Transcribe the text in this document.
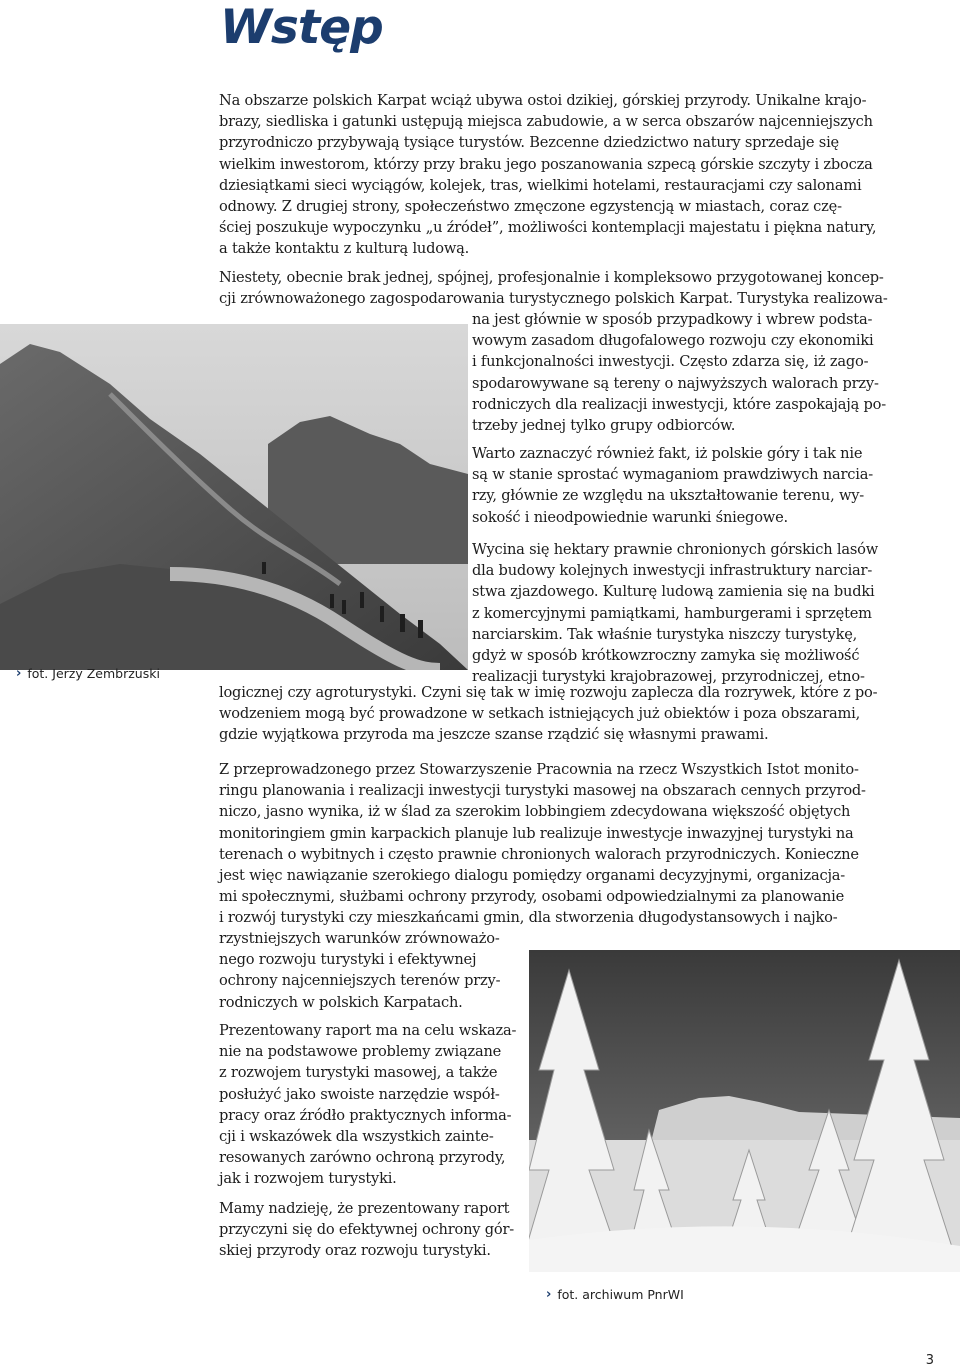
Wstęp

Na obszarze polskich Karpat wciąż ubywa ostoi dzikiej, górskiej przyrody. Unikalne krajo-
brazy, siedliska i gatunki ustępują miejsca zabudowie, a w serca obszarów najcenniejszych
przyrodniczo przybywają tysiące turystów. Bezcenne dziedzictwo natury sprzedaje się
wielkim inwestorom, którzy przy braku jego poszanowania szpecą górskie szczyty i zbocza
dziesiątkami sieci wyciągów, kolejek, tras, wielkimi hotelami, restauracjami czy salonami
odnowy. Z drugiej strony, społeczeństwo zmęczone egzystencją w miastach, coraz czę-
ściej poszukuje wypoczynku „u źródeł”, możliwości kontemplacji majestatu i piękna natury,
a także kontaktu z kulturą ludową.

Niestety, obecnie brak jednej, spójnej, profesjonalnie i kompleksowo przygotowanej koncep-
cji zrównoważonego zagospodarowania turystycznego polskich Karpat. Turystyka realizowa-

na jest głównie w sposób przypadkowy i wbrew podsta-
wowym zasadom długofalowego rozwoju czy ekonomiki
i funkcjonalności inwestycji. Często zdarza się, iż zago-
spodarowywane są tereny o najwyższych walorach przy-
rodniczych dla realizacji inwestycji, które zaspokajają po-
trzeby jednej tylko grupy odbiorców.

Warto zaznaczyć również fakt, iż polskie góry i tak nie
są w stanie sprostać wymaganiom prawdziwych narcia-
rzy, głównie ze względu na ukształtowanie terenu, wy-
sokość i nieodpowiednie warunki śniegowe.

Wycina się hektary prawnie chronionych górskich lasów
dla budowy kolejnych inwestycji infrastruktury narciar-
stwa zjazdowego. Kulturę ludową zamienia się na budki
z komercyjnymi pamiątkami, hamburgerami i sprzętem
narciarskim. Tak właśnie turystyka niszczy turystykę,
gdyż w sposób krótkowzroczny zamyka się możliwość
realizacji turystyki krajobrazowej, przyrodniczej, etno-

logicznej czy agroturystyki. Czyni się tak w imię rozwoju zaplecza dla rozrywek, które z po-
wodzeniem mogą być prowadzone w setkach istniejących już obiektów i poza obszarami,
gdzie wyjątkowa przyroda ma jeszcze szanse rządzić się własnymi prawami.

Z przeprowadzonego przez Stowarzyszenie Pracownia na rzecz Wszystkich Istot monito-
ringu planowania i realizacji inwestycji turystyki masowej na obszarach cennych przyrod-
niczo, jasno wynika, iż w ślad za szerokim lobbingiem zdecydowana większość objętych
monitoringiem gmin karpackich planuje lub realizuje inwestycje inwazyjnej turystyki na
terenach o wybitnych i często prawnie chronionych walorach przyrodniczych. Konieczne
jest więc nawiązanie szerokiego dialogu pomiędzy organami decyzyjnymi, organizacja-
mi społecznymi, służbami ochrony przyrody, osobami odpowiedzialnymi za planowanie
i rozwój turystyki czy mieszkańcami gmin, dla stworzenia długodystansowych i najko-

rzystniejszych warunków zrównoważo-
nego rozwoju turystyki i efektywnej
ochrony najcenniejszych terenów przy-
rodniczych w polskich Karpatach.

Prezentowany raport ma na celu wskaza-
nie na podstawowe problemy związane
z rozwojem turystyki masowej, a także
posłużyć jako swoiste narzędzie współ-
pracy oraz źródło praktycznych informa-
cji i wskazówek dla wszystkich zainte-
resowanych zarówno ochroną przyrody,
jak i rozwojem turystyki.

Mamy nadzieję, że prezentowany raport
przyczyni się do efektywnej ochrony gór-
skiej przyrody oraz rozwoju turystyki.

› fot. Jerzy Zembrzuski
› fot. archiwum PnrWI
3
